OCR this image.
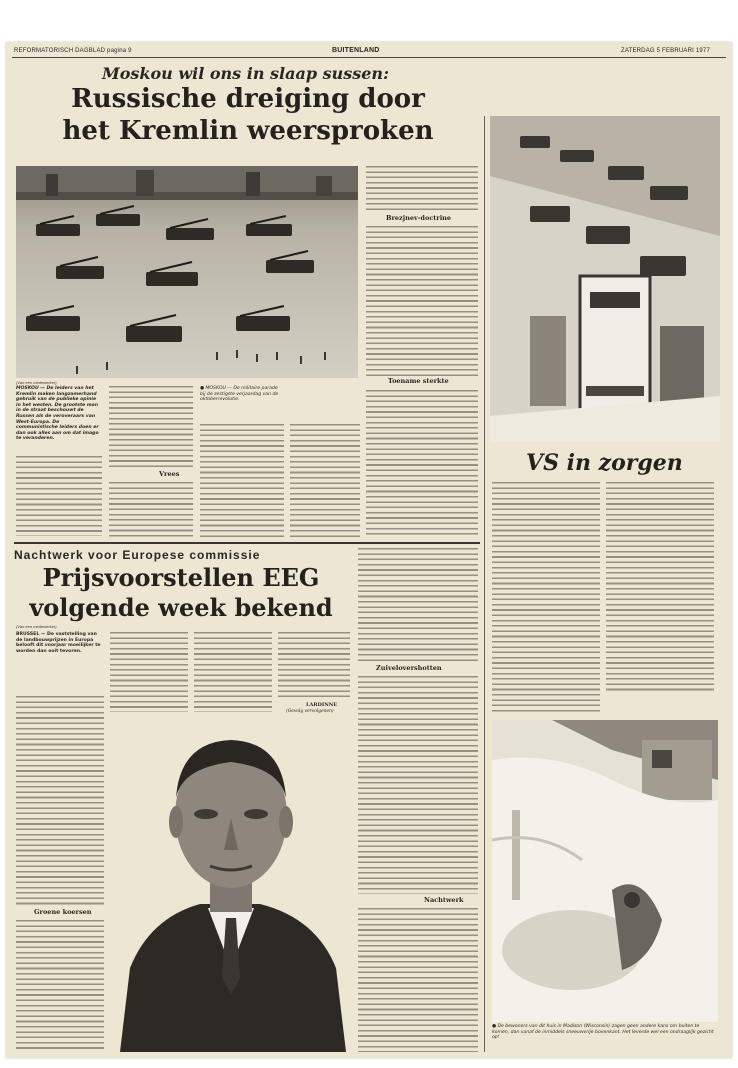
REFORMATORISCH DAGBLAD pagina 9	BUITENLAND	ZATERDAG 5 FEBRUARI 1977
Moskou wil ons in slaap sussen:
Russische dreiging door
het Kremlin weersproken
(Van een medewerker)
MOSKOU — De leiders van het Kremlin maken langzamerhand gebruik van de publieke opinie in het westen. De grootste man in de straat beschouwt de Russen als de veroveraars van West-Europa. De communistische leiders doen er dan ook alles aan om dat imago te veranderen.
Vrees
● MOSKOU — De militaire parade bij de zestigste verjaardag van de oktoberrevolutie.
Brezjnev-doctrine
Toename sterkte
Nachtwerk voor Europese commissie
Prijsvoorstellen EEG
volgende week bekend
(Van een medewerker)
BRUSSEL — De vaststelling van de landbouwprijzen in Europa belooft dit voorjaar moeilijker te worden dan ooit tevoren.
Groene koersen
LARDINNE
(Gevolg vervolgenen)
Zuivelovershotten
Nachtwerk
VS in zorgen
● De bewoners van dit huis in Madison (Wisconsin) zagen geen andere kans om buiten te komen, dan vanaf de inmiddels sneeuwvrije bovenkant. Het leverde wel een ondraaglijk gezicht op!
